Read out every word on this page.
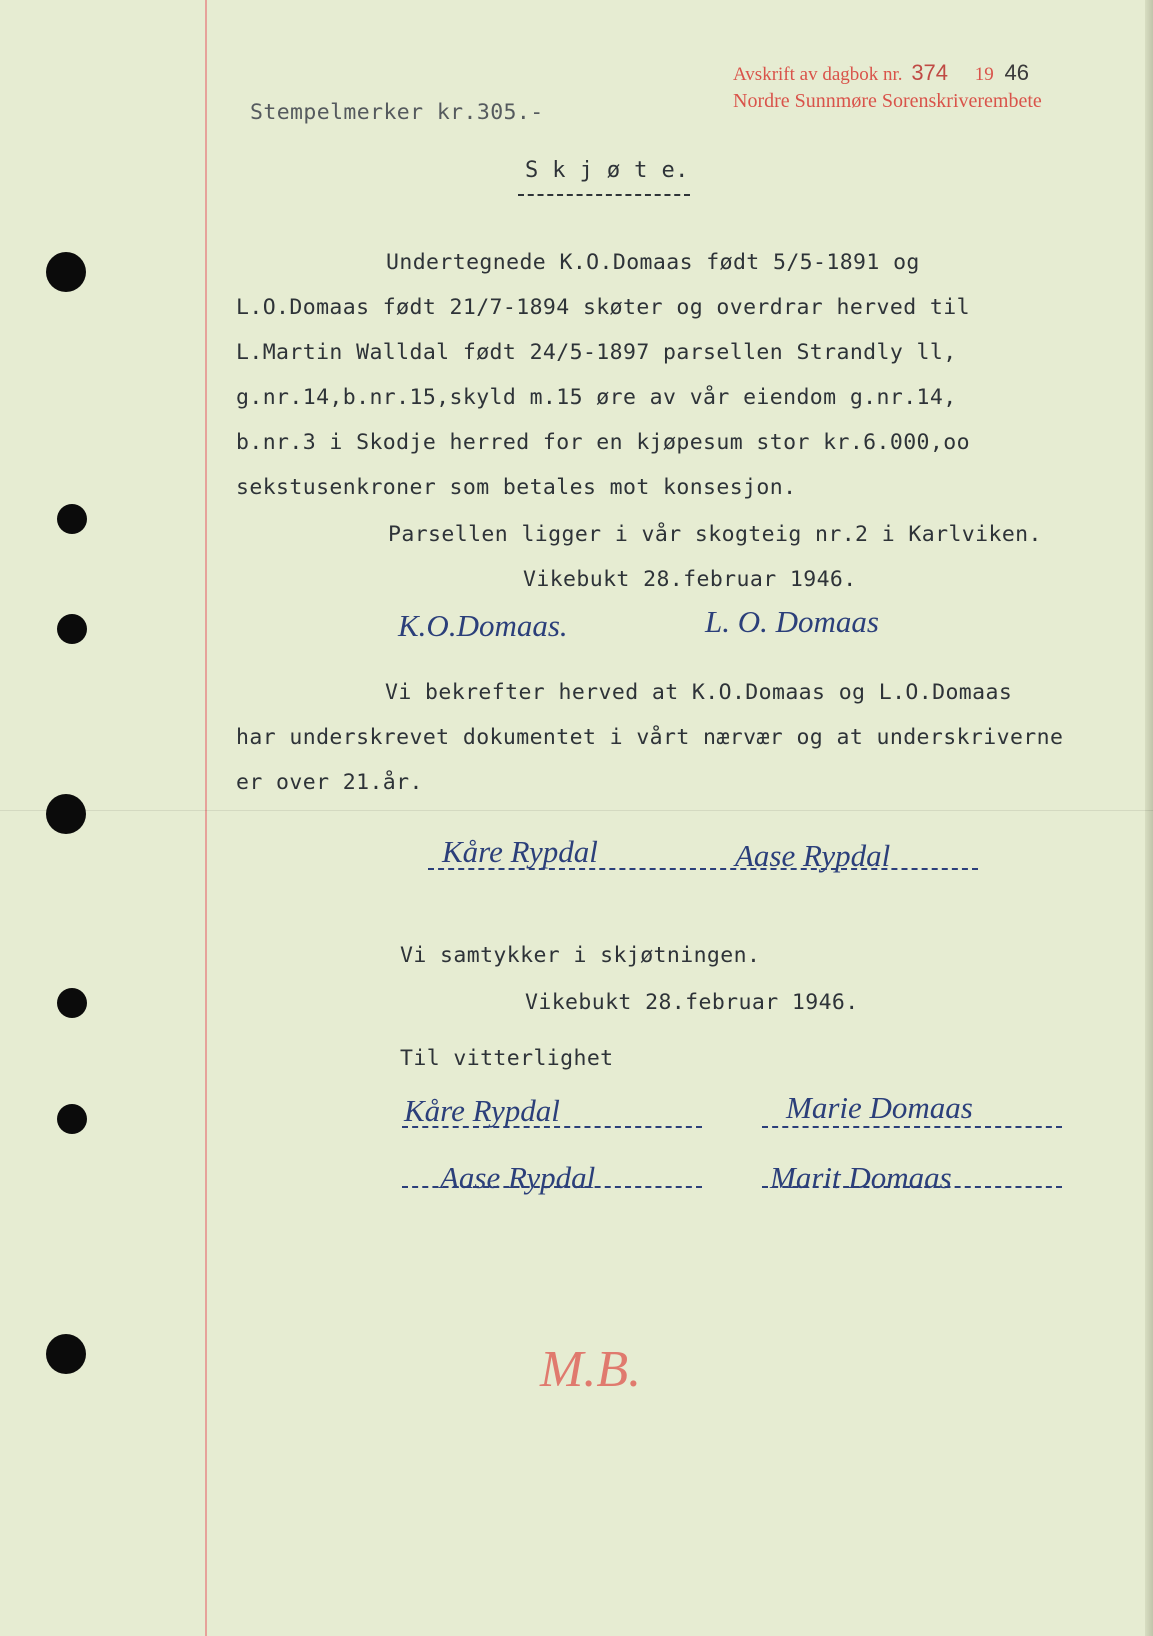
Avskrift av dagbok nr. 374 19 46
Nordre Sunnmøre Sorenskriverembete
Stempelmerker kr.305.-
S k j ø t e.
Undertegnede K.O.Domaas født 5/5-1891 og
L.O.Domaas født 21/7-1894 skøter og overdrar herved til
L.Martin Walldal født 24/5-1897 parsellen Strandly ll,
g.nr.14,b.nr.15,skyld m.15 øre av vår eiendom g.nr.14,
b.nr.3 i Skodje herred for en kjøpesum stor kr.6.000,oo
sekstusenkroner som betales mot konsesjon.
Parsellen ligger i vår skogteig nr.2 i Karlviken.
Vikebukt 28.februar 1946.
K.O.Domaas.	L. O. Domaas
Vi bekrefter herved at K.O.Domaas og L.O.Domaas
har underskrevet dokumentet i vårt nærvær og at underskriverne
er over 21.år.
Kåre Rypdal	Aase Rypdal
Vi samtykker i skjøtningen.
Vikebukt 28.februar 1946.
Til vitterlighet
Kåre Rypdal
Aase Rypdal
Marie Domaas
Marit Domaas
M.B.
